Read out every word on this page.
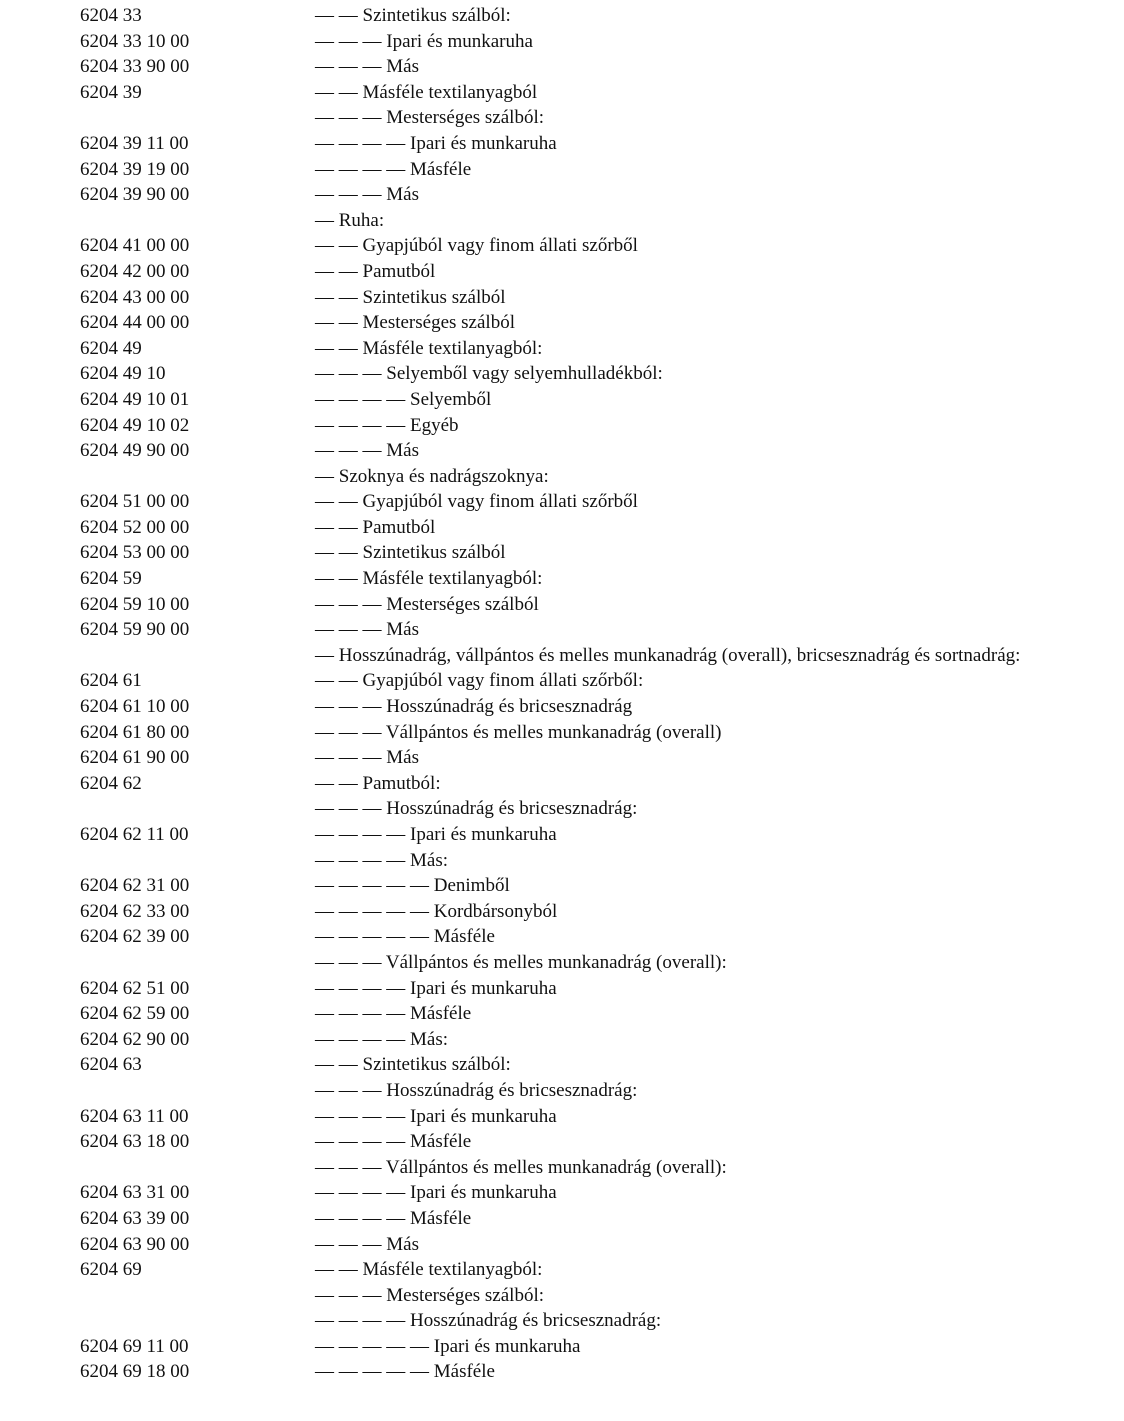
6204 33	— — Szintetikus szálból:
6204 33 10 00	— — — Ipari és munkaruha
6204 33 90 00	— — — Más
6204 39	— — Másféle textilanyagból
— — — Mesterséges szálból:
6204 39 11 00	— — — — Ipari és munkaruha
6204 39 19 00	— — — — Másféle
6204 39 90 00	— — — Más
— Ruha:
6204 41 00 00	— — Gyapjúból vagy finom állati szőrből
6204 42 00 00	— — Pamutból
6204 43 00 00	— — Szintetikus szálból
6204 44 00 00	— — Mesterséges szálból
6204 49	— — Másféle textilanyagból:
6204 49 10	— — — Selyemből vagy selyemhulladékból:
6204 49 10 01	— — — — Selyemből
6204 49 10 02	— — — — Egyéb
6204 49 90 00	— — — Más
— Szoknya és nadrágszoknya:
6204 51 00 00	— — Gyapjúból vagy finom állati szőrből
6204 52 00 00	— — Pamutból
6204 53 00 00	— — Szintetikus szálból
6204 59	— — Másféle textilanyagból:
6204 59 10 00	— — — Mesterséges szálból
6204 59 90 00	— — — Más
— Hosszúnadrág, vállpántos és melles munkanadrág (overall), bricsesznadrág és sortnadrág:
6204 61	— — Gyapjúból vagy finom állati szőrből:
6204 61 10 00	— — — Hosszúnadrág és bricsesznadrág
6204 61 80 00	— — — Vállpántos és melles munkanadrág (overall)
6204 61 90 00	— — — Más
6204 62	— — Pamutból:
— — — Hosszúnadrág és bricsesznadrág:
6204 62 11 00	— — — — Ipari és munkaruha
— — — — Más:
6204 62 31 00	— — — — — Denimből
6204 62 33 00	— — — — — Kordbársonyból
6204 62 39 00	— — — — — Másféle
— — — Vállpántos és melles munkanadrág (overall):
6204 62 51 00	— — — — Ipari és munkaruha
6204 62 59 00	— — — — Másféle
6204 62 90 00	— — — — Más:
6204 63	— — Szintetikus szálból:
— — — Hosszúnadrág és bricsesznadrág:
6204 63 11 00	— — — — Ipari és munkaruha
6204 63 18 00	— — — — Másféle
— — — Vállpántos és melles munkanadrág (overall):
6204 63 31 00	— — — — Ipari és munkaruha
6204 63 39 00	— — — — Másféle
6204 63 90 00	— — — Más
6204 69	— — Másféle textilanyagból:
— — — Mesterséges szálból:
— — — — Hosszúnadrág és bricsesznadrág:
6204 69 11 00	— — — — — Ipari és munkaruha
6204 69 18 00	— — — — — Másféle
